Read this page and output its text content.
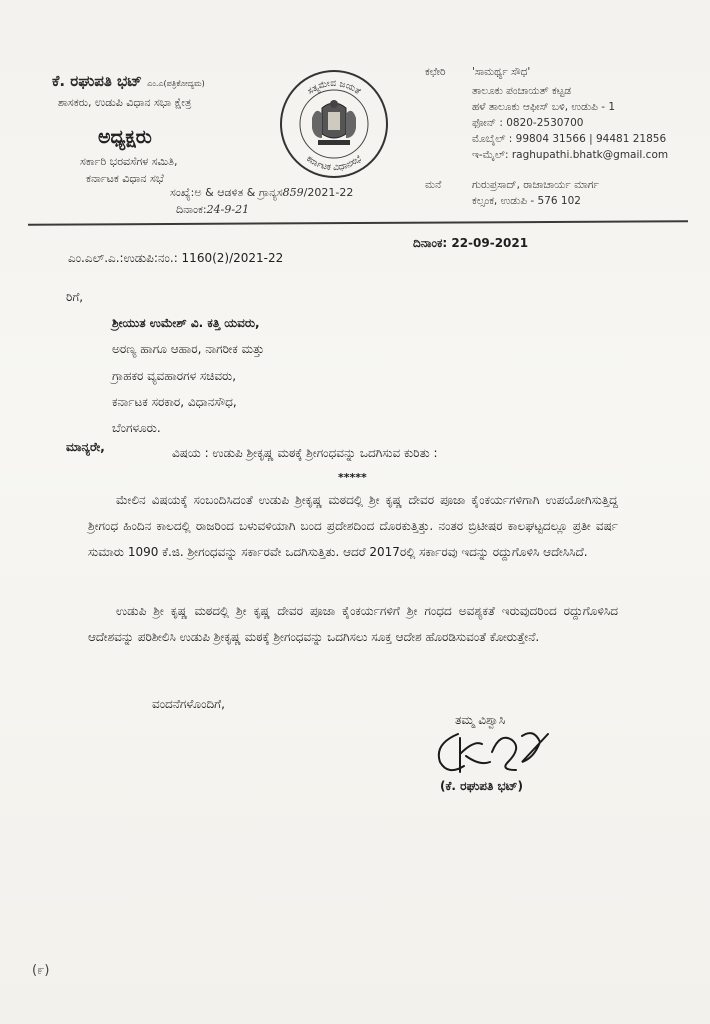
ಕೆ. ರಘುಪತಿ ಭಟ್ ಎಂ.ಎ(ಪತ್ರಿಕೋದ್ಯಮ)
ಶಾಸಕರು, ಉಡುಪಿ ವಿಧಾನ ಸಭಾ ಕ್ಷೇತ್ರ
ಅಧ್ಯಕ್ಷರು
ಸರ್ಕಾರಿ ಭರವಸೆಗಳ ಸಮಿತಿ,
ಕರ್ನಾಟಕ ವಿಧಾನ ಸಭೆ
ಸಂಖ್ಯೆ:ಅ & ಆಡಳಿತ & ಗ್ರಾನ್ಯಸ859/2021-22
ದಿನಾಂಕ:24-9-21
ಸತ್ಯಮೇವ ಜಯತೆ
ಕರ್ನಾಟಕ ವಿಧಾನಸಭೆ
ಕಛೇರಿ	'ಸಾಮರ್ಥ್ಯ ಸೌಧ'
ತಾಲೂಕು ಪಂಚಾಯತ್ ಕಟ್ಟಡ
ಹಳೆ ತಾಲೂಕು ಆಫೀಸ್ ಬಳಿ, ಉಡುಪಿ - 1
ಫೋನ್ : 0820-2530700
ಮೊಬೈಲ್ : 99804 31566 | 94481 21856
ಇ-ಮೈಲ್: raghupathi.bhatk@gmail.com
ಮನೆ	ಗುರುಪ್ರಸಾದ್, ರಾಜಾಚಾರ್ಯ ಮಾರ್ಗ
ಕಲ್ಸಂಕ, ಉಡುಪಿ - 576 102
ಎಂ.ಎಲ್.ಎ.:ಉಡುಪಿ:ನಂ.: 1160(2)/2021-22
ದಿನಾಂಕ: 22-09-2021
ರಿಗೆ,
ಶ್ರೀಯುತ ಉಮೇಶ್ ವಿ. ಕತ್ತಿ ಯವರು,
ಅರಣ್ಯ ಹಾಗೂ ಆಹಾರ, ನಾಗರೀಕ ಮತ್ತು
ಗ್ರಾಹಕರ ವ್ಯವಹಾರಗಳ ಸಚಿವರು,
ಕರ್ನಾಟಕ ಸರಕಾರ, ವಿಧಾನಸೌಧ,
ಬೆಂಗಳೂರು.
ಮಾನ್ಯರೇ,	ವಿಷಯ : ಉಡುಪಿ ಶ್ರೀಕೃಷ್ಣ ಮಠಕ್ಕೆ ಶ್ರೀಗಂಧವನ್ನು ಒದಗಿಸುವ ಕುರಿತು :
*****
ಮೇಲಿನ ವಿಷಯಕ್ಕೆ ಸಂಬಂದಿಸಿದಂತೆ ಉಡುಪಿ ಶ್ರೀಕೃಷ್ಣ ಮಠದಲ್ಲಿ ಶ್ರೀ ಕೃಷ್ಣ ದೇವರ ಪೂಜಾ ಕೈಂಕರ್ಯಗಳಿಗಾಗಿ ಉಪಯೋಗಿಸುತ್ತಿದ್ದ ಶ್ರೀಗಂಧ ಹಿಂದಿನ ಕಾಲದಲ್ಲಿ ರಾಜರಿಂದ ಬಳುವಳಿಯಾಗಿ ಬಂದ ಪ್ರದೇಶದಿಂದ ದೊರಕುತ್ತಿತ್ತು. ನಂತರ ಬ್ರಿಟೀಷರ ಕಾಲಘಟ್ಟದಲ್ಲೂ ಪ್ರತೀ ವರ್ಷ ಸುಮಾರು 1090 ಕೆ.ಜಿ. ಶ್ರೀಗಂಧವನ್ನು ಸರ್ಕಾರವೇ ಒದಗಿಸುತ್ತಿತು. ಆದರೆ 2017ರಲ್ಲಿ ಸರ್ಕಾರವು ಇದನ್ನು ರದ್ದುಗೊಳಿಸಿ ಆದೇಸಿಸಿದೆ.
ಉಡುಪಿ ಶ್ರೀ ಕೃಷ್ಣ ಮಠದಲ್ಲಿ ಶ್ರೀ ಕೃಷ್ಣ ದೇವರ ಪೂಜಾ ಕೈಂಕರ್ಯಗಳಿಗೆ ಶ್ರೀ ಗಂಧದ ಅವಶ್ಯಕತೆ ಇರುವುದರಿಂದ ರದ್ದುಗೊಳಿಸಿದ ಆದೇಶವನ್ನು ಪರಿಶೀಲಿಸಿ ಉಡುಪಿ ಶ್ರೀಕೃಷ್ಣ ಮಠಕ್ಕೆ ಶ್ರೀಗಂಧವನ್ನು ಒದಗಿಸಲು ಸೂಕ್ತ ಆದೇಶ ಹೊರಡಿಸುವಂತೆ ಕೋರುತ್ತೇನೆ.
ವಂದನೆಗಳೊಂದಿಗೆ,
ತಮ್ಮ ವಿಶ್ವಾಸಿ
(ಕೆ. ರಘುಪತಿ ಭಟ್)
(೯)
